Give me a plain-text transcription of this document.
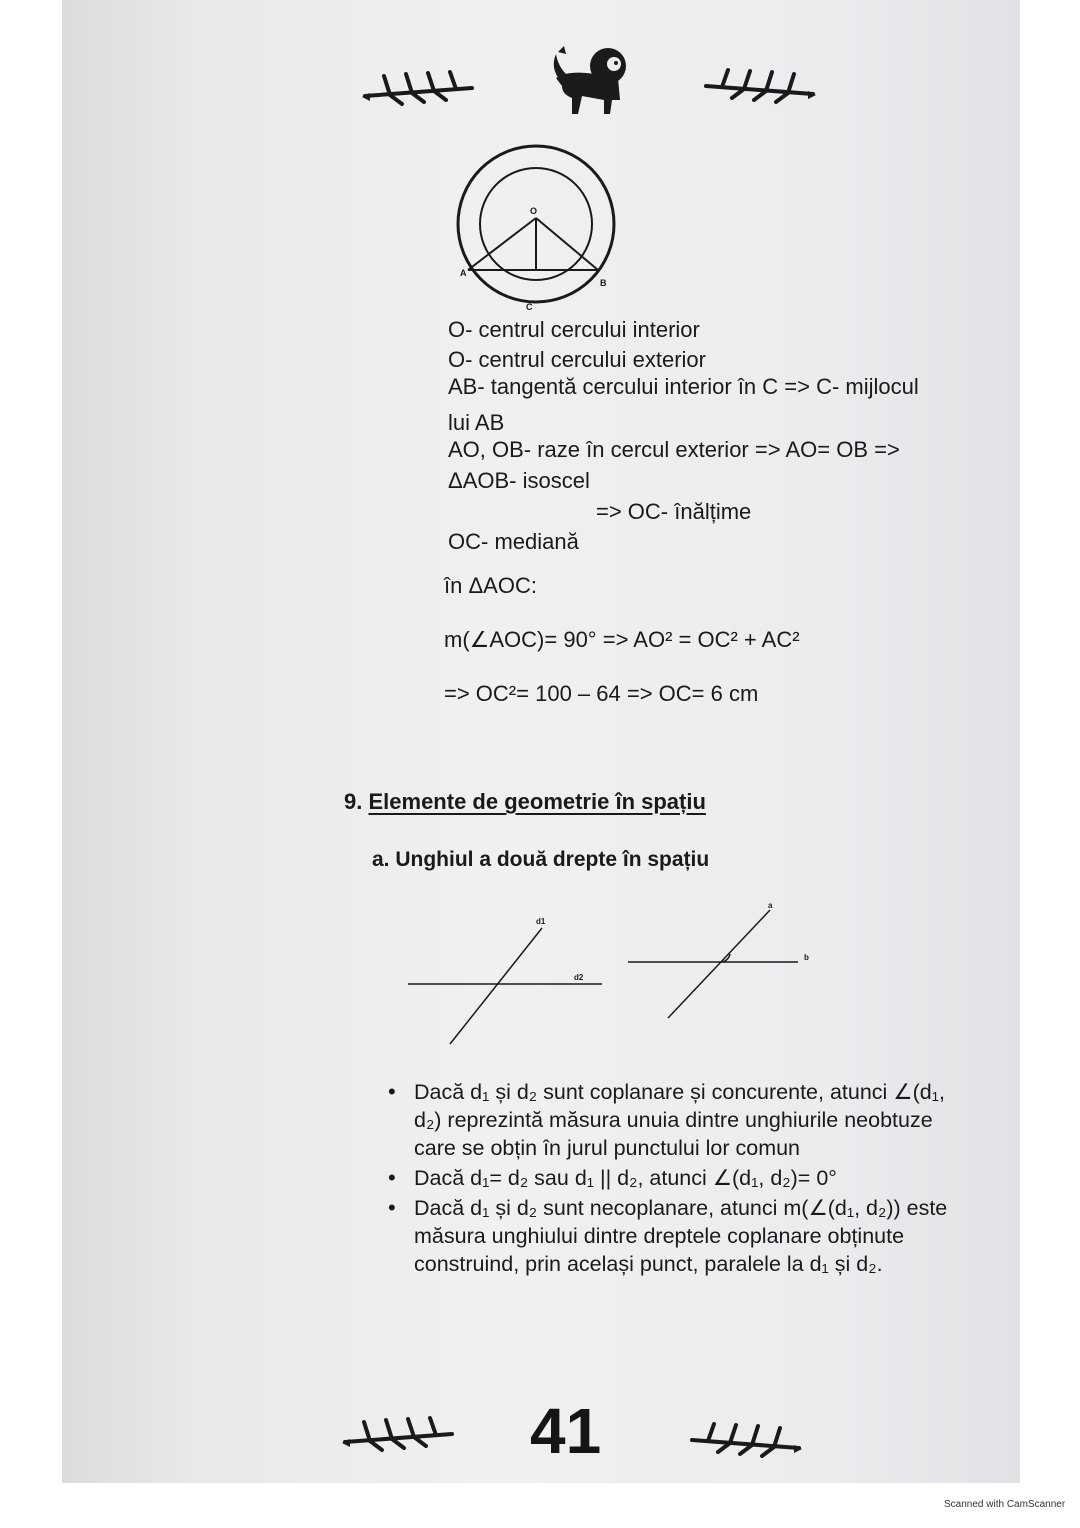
O
A
B
C
O- centrul cercului interior
O- centrul cercului exterior
AB- tangentă cercului interior în C => C- mijlocul
lui AB
AO, OB- raze în cercul exterior => AO= OB =>
ΔAOB- isoscel
=> OC- înălțime
OC- mediană
în ΔAOC:
m(∠AOC)= 90° => AO² = OC² + AC²
=> OC²= 100 – 64 => OC= 6 cm
9. Elemente de geometrie în spațiu
a. Unghiul a două drepte în spațiu
d1
d2
a
b
• Dacă d₁ și d₂ sunt coplanare și concurente, atunci ∠(d₁, d₂) reprezintă măsura unuia dintre unghiurile neobtuze care se obțin în jurul punctului lor comun
• Dacă d₁= d₂ sau d₁ || d₂, atunci ∠(d₁, d₂)= 0°
• Dacă d₁ și d₂ sunt necoplanare, atunci m(∠(d₁, d₂)) este măsura unghiului dintre dreptele coplanare obținute construind, prin același punct, paralele la d₁ și d₂.
41
Scanned with CamScanner
